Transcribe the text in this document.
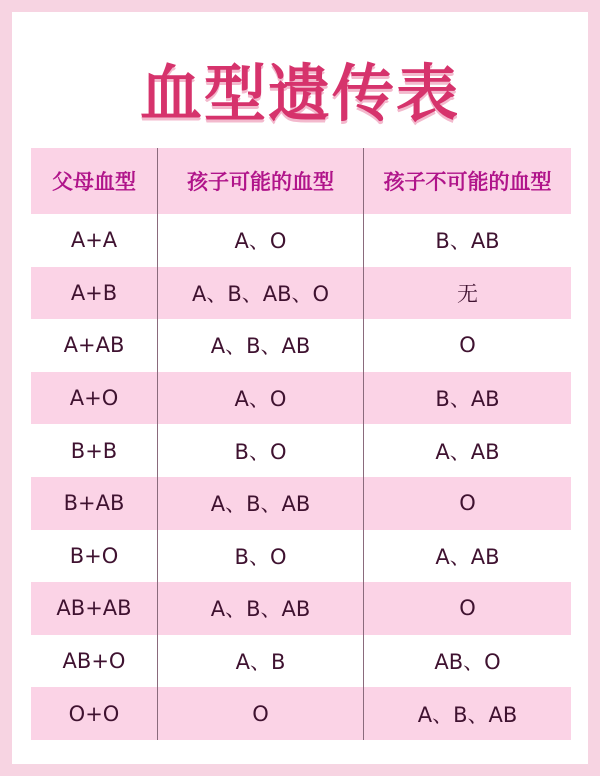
血型遗传表
父母血型	孩子可能的血型	孩子不可能的血型
A+A	A、O	B、AB
A+B	A、B、AB、O	无
A+AB	A、B、AB	O
A+O	A、O	B、AB
B+B	B、O	A、AB
B+AB	A、B、AB	O
B+O	B、O	A、AB
AB+AB	A、B、AB	O
AB+O	A、B	AB、O
O+O	O	A、B、AB
